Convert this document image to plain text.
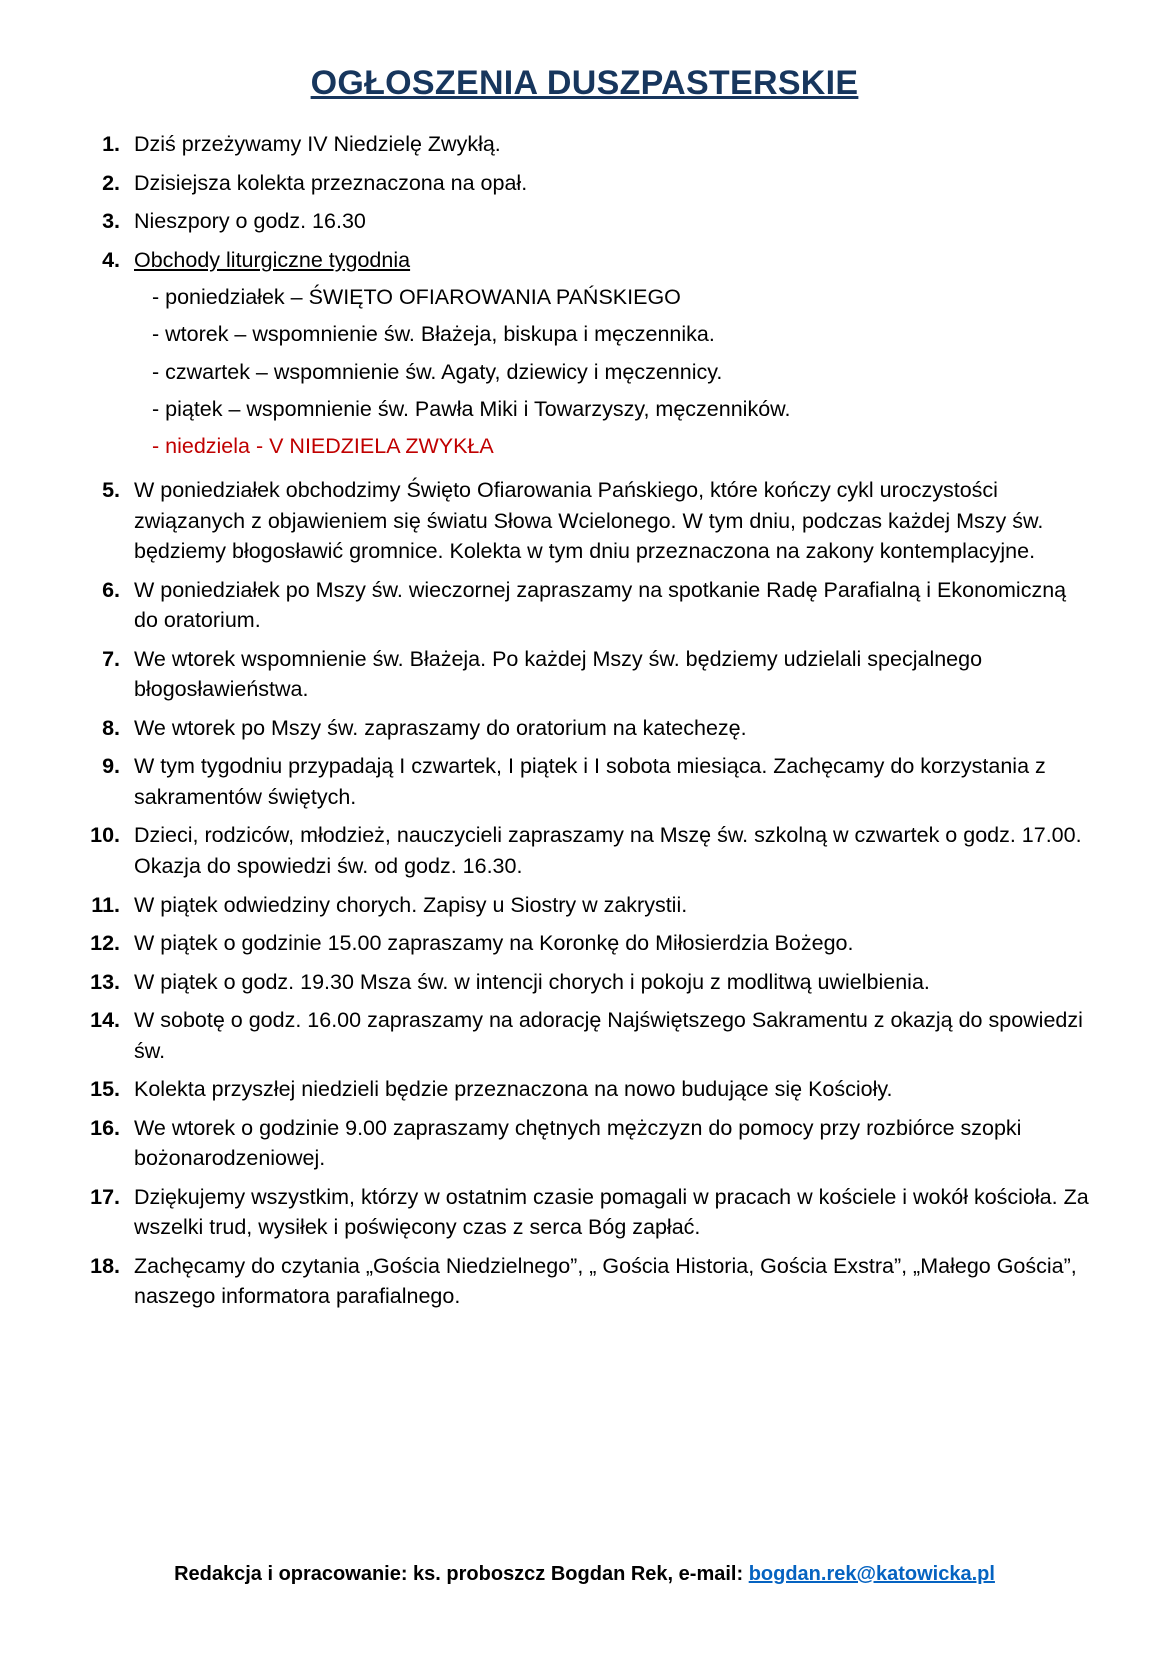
OGŁOSZENIA DUSZPASTERSKIE
1. Dziś przeżywamy IV Niedzielę Zwykłą.
2. Dzisiejsza kolekta przeznaczona na opał.
3. Nieszpory o godz. 16.30
4. Obchody liturgiczne tygodnia
- poniedziałek – ŚWIĘTO OFIAROWANIA PAŃSKIEGO
- wtorek – wspomnienie św. Błażeja, biskupa i męczennika.
- czwartek – wspomnienie św. Agaty, dziewicy i męczennicy.
- piątek – wspomnienie św. Pawła Miki i Towarzyszy, męczenników.
- niedziela - V NIEDZIELA ZWYKŁA
5. W poniedziałek obchodzimy Święto Ofiarowania Pańskiego, które kończy cykl uroczystości związanych z objawieniem się światu Słowa Wcielonego. W tym dniu, podczas każdej Mszy św. będziemy błogosławić gromnice. Kolekta w tym dniu przeznaczona na zakony kontemplacyjne.
6. W poniedziałek po Mszy św. wieczornej zapraszamy na spotkanie Radę Parafialną i Ekonomiczną do oratorium.
7. We wtorek wspomnienie św. Błażeja. Po każdej Mszy św. będziemy udzielali specjalnego błogosławieństwa.
8. We wtorek po Mszy św. zapraszamy do oratorium na katechezę.
9. W tym tygodniu przypadają I czwartek, I piątek i I sobota miesiąca. Zachęcamy do korzystania z sakramentów świętych.
10. Dzieci, rodziców, młodzież, nauczycieli zapraszamy na Mszę św. szkolną w czwartek o godz. 17.00. Okazja do spowiedzi św. od godz. 16.30.
11. W piątek odwiedziny chorych. Zapisy u Siostry w zakrystii.
12. W piątek o godzinie 15.00 zapraszamy na Koronkę do Miłosierdzia Bożego.
13. W piątek o godz. 19.30 Msza św. w intencji chorych i pokoju z modlitwą uwielbienia.
14. W sobotę o godz. 16.00 zapraszamy na adorację Najświętszego Sakramentu z okazją do spowiedzi św.
15. Kolekta przyszłej niedzieli będzie przeznaczona na nowo budujące się Kościoły.
16. We wtorek o godzinie 9.00 zapraszamy chętnych mężczyzn do pomocy przy rozbiórce szopki bożonarodzeniowej.
17. Dziękujemy wszystkim, którzy w ostatnim czasie pomagali w pracach w kościele i wokół kościoła. Za wszelki trud, wysiłek i poświęcony czas z serca Bóg zapłać.
18. Zachęcamy do czytania „Gościa Niedzielnego”, „ Gościa Historia, Gościa Exstra”, „Małego Gościa”, naszego informatora parafialnego.
Redakcja i opracowanie: ks. proboszcz Bogdan Rek, e-mail: bogdan.rek@katowicka.pl
